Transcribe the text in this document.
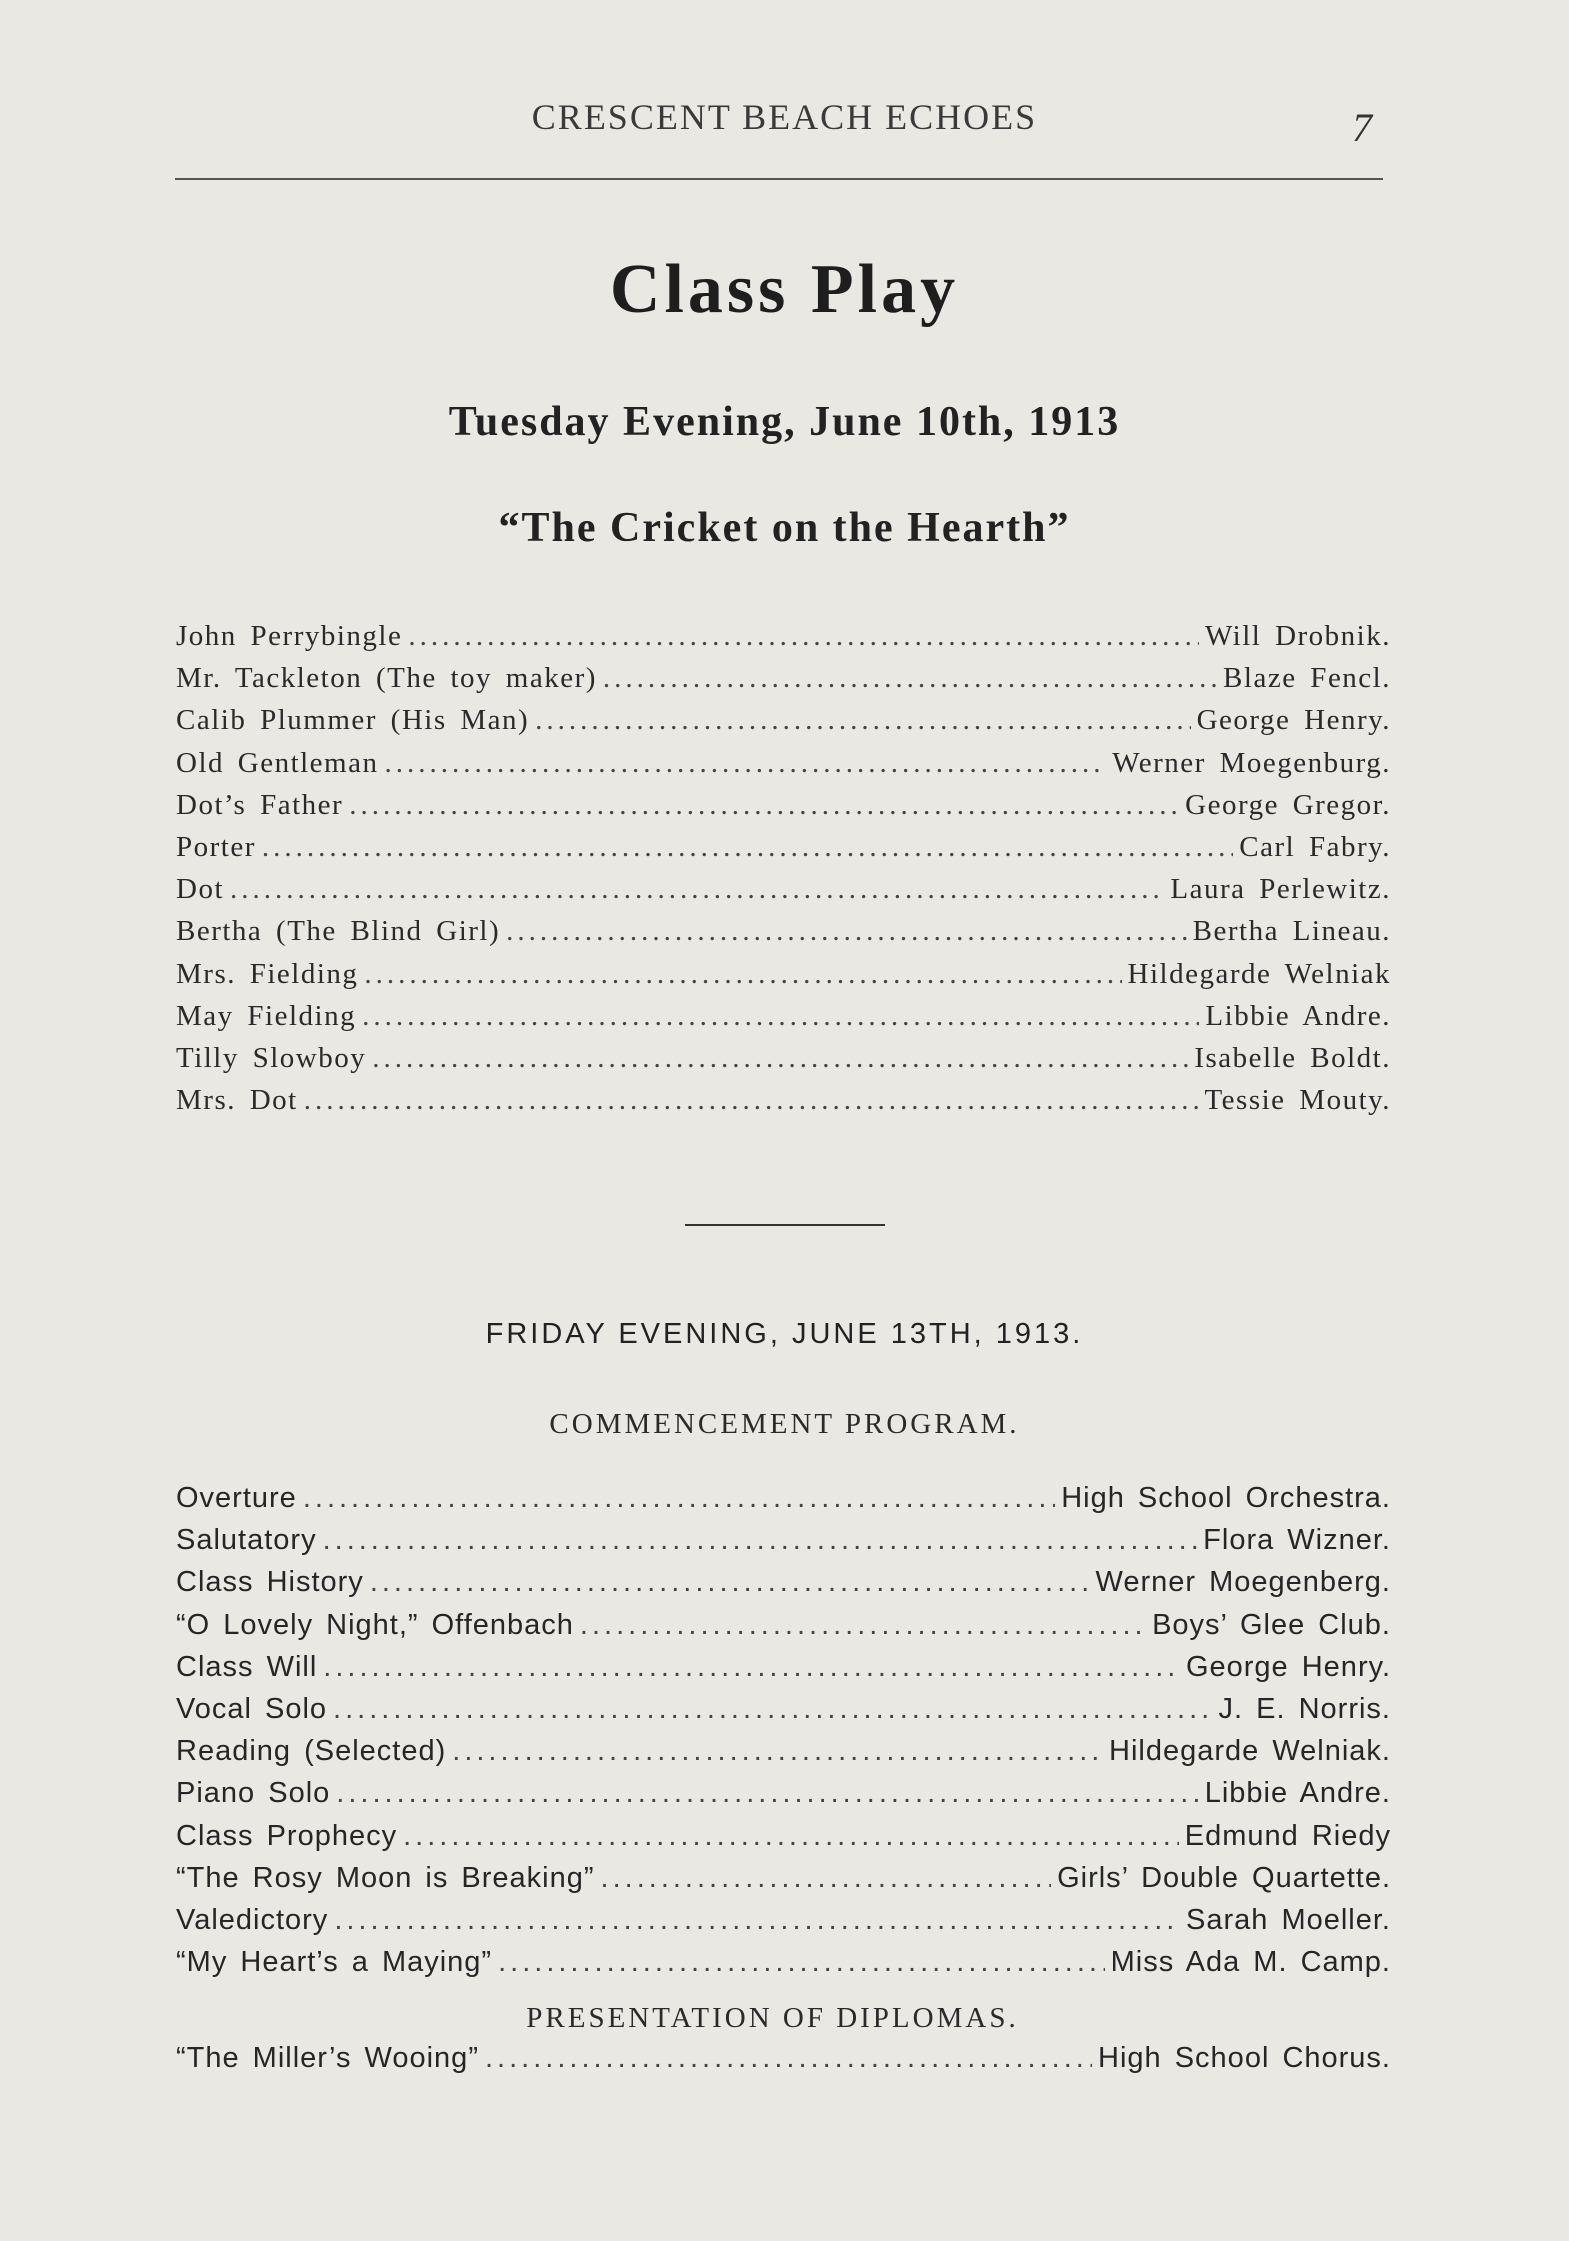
CRESCENT BEACH ECHOES	7
Class Play
Tuesday Evening, June 10th, 1913
“The Cricket on the Hearth”
John Perrybingle .....	Will Drobnik.
Mr. Tackleton (The toy maker) .....	Blaze Fencl.
Calib Plummer (His Man) .....	George Henry.
Old Gentleman .....	Werner Moegenburg.
Dot’s Father .....	George Gregor.
Porter .....	Carl Fabry.
Dot .....	Laura Perlewitz.
Bertha (The Blind Girl) .....	Bertha Lineau.
Mrs. Fielding .....	Hildegarde Welniak
May Fielding .....	Libbie Andre.
Tilly Slowboy .....	Isabelle Boldt.
Mrs. Dot .....	Tessie Mouty.
FRIDAY EVENING, JUNE 13TH, 1913.
COMMENCEMENT PROGRAM.
Overture .....	High School Orchestra.
Salutatory .....	Flora Wizner.
Class History .....	Werner Moegenberg.
“O Lovely Night,” Offenbach .....	Boys’ Glee Club.
Class Will .....	George Henry.
Vocal Solo .....	J. E. Norris.
Reading (Selected) .....	Hildegarde Welniak.
Piano Solo .....	Libbie Andre.
Class Prophecy .....	Edmund Riedy
“The Rosy Moon is Breaking” .....	Girls’ Double Quartette.
Valedictory .....	Sarah Moeller.
“My Heart’s a Maying” .....	Miss Ada M. Camp.
PRESENTATION OF DIPLOMAS.
“The Miller’s Wooing” .....	High School Chorus.
